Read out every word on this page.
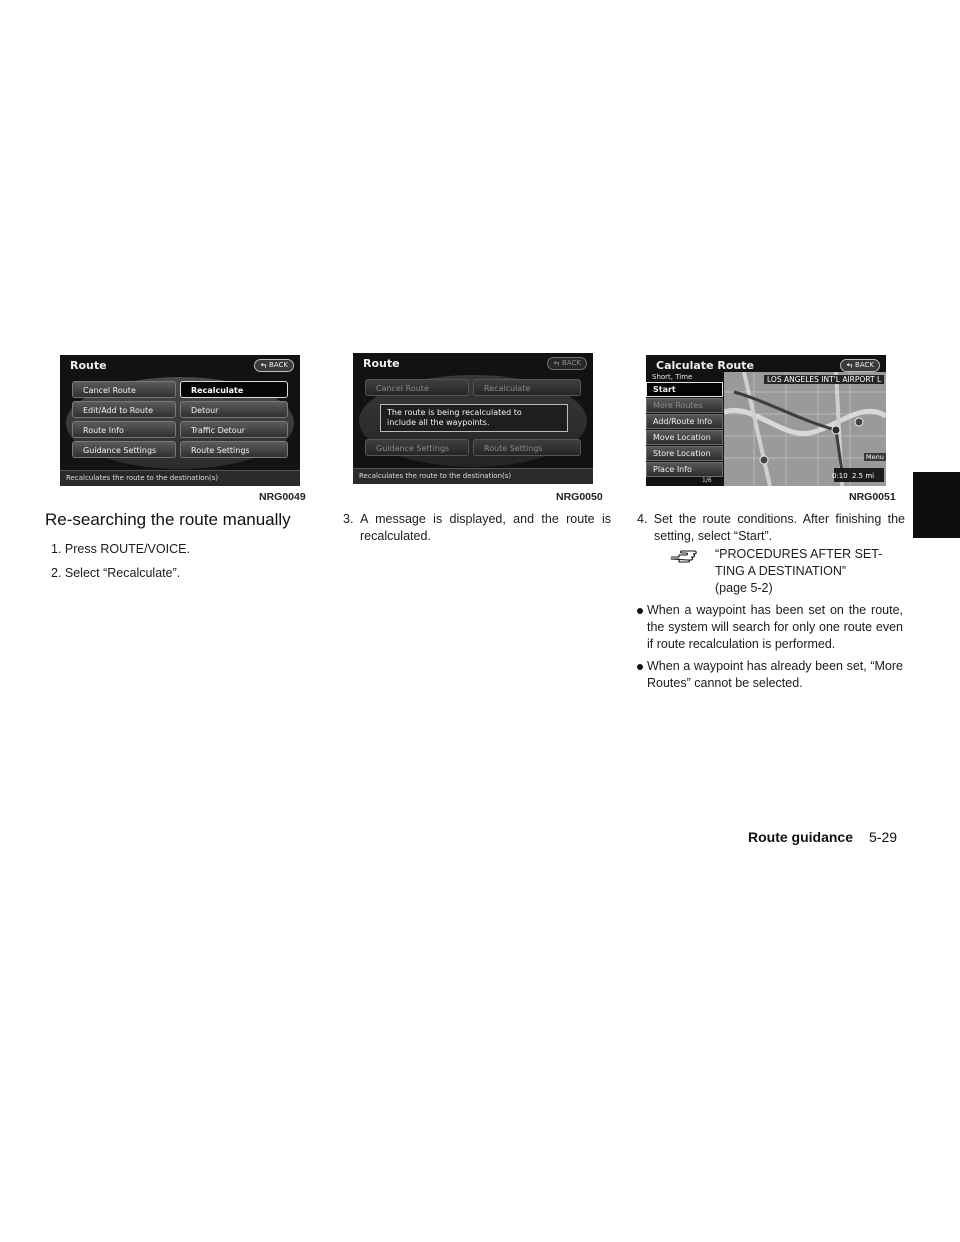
Route	BACK
Cancel Route
Edit/Add to Route
Route Info
Guidance Settings
Recalculate
Detour
Traffic Detour
Route Settings
Recalculates the route to the destination(s)
NRG0049
Route	BACK
Cancel Route	Recalculate
Guidance Settings	Route Settings
The route is being recalculated to
include all the waypoints.
Recalculates the route to the destination(s)
NRG0050
Calculate Route	BACK
LOS ANGELES INT'L AIRPORT L
Menu
0:10 2.5 mi
Short, Time
Start
More Routes
Add/Route Info
Move Location
Store Location
Place Info
1/6
NRG0051
Re-searching the route manually
1. Press ROUTE/VOICE.
2. Select “Recalculate”.
3. A message is displayed, and the route is
recalculated.
4. Set the route conditions. After finishing the
setting, select “Start”.
“PROCEDURES AFTER SET-
TING A DESTINATION”
(page 5-2)
When a waypoint has been set on the route,
the system will search for only one route even
if route recalculation is performed.
When a waypoint has already been set, “More
Routes” cannot be selected.
Route guidance 5-29
